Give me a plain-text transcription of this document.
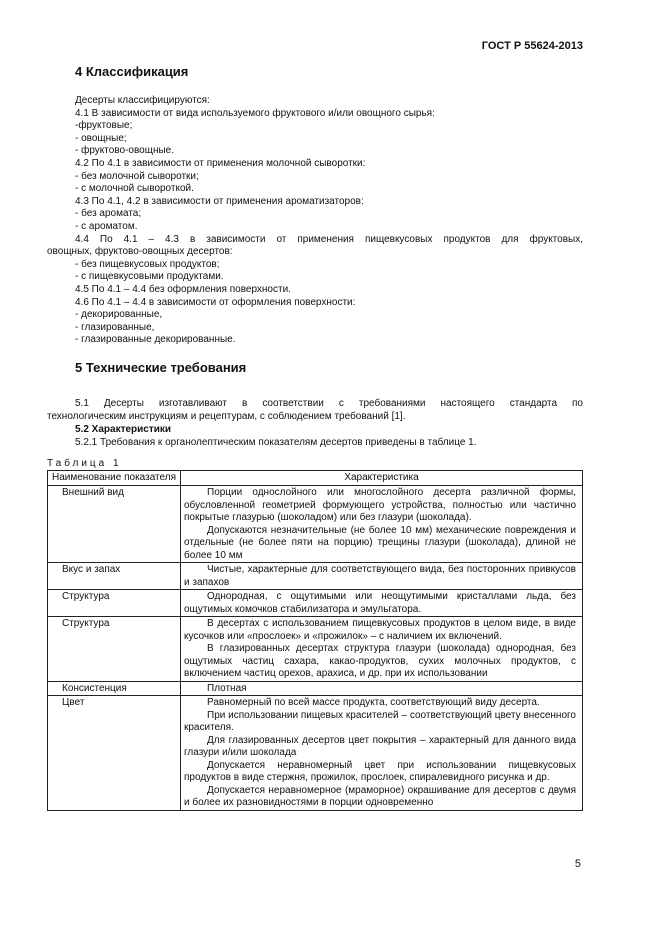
ГОСТ Р 55624-2013
4 Классификация

Десерты классифицируются:

4.1 В зависимости от вида используемого фруктового и/или овощного сырья:

-фруктовые;

- овощные;

- фруктово-овощные.

4.2 По 4.1 в зависимости от применения молочной сыворотки:

- без молочной сыворотки;

- с молочной сывороткой.

4.3 По 4.1, 4.2 в зависимости от применения ароматизаторов:

- без аромата;

- с ароматом.

4.4 По 4.1 – 4.3 в зависимости от применения пищевкусовых продуктов для фруктовых,

овощных, фруктово-овощных десертов:

- без пищевкусовых продуктов;

- с пищевкусовыми продуктами.

4.5 По 4.1 – 4.4 без оформления поверхности.

4.6 По 4.1 – 4.4 в зависимости от оформления поверхности:

- декорированные,

- глазированные,

- глазированные декорированные.

5 Технические требования

5.1 Десерты изготавливают в соответствии с требованиями настоящего стандарта по

технологическим инструкциям и рецептурам, с соблюдением требований [1].

5.2 Характеристики

5.2.1 Требования к органолептическим показателям десертов приведены в таблице 1.

Таблица 1
Наименование показателя	Характеристика
Внешний вид	Порции однослойного или многослойного десерта различной формы, обусловленной геометрией формующего устройства, полностью или частично покрытые глазурью (шоколадом) или без глазури (шоколада).

Допускаются незначительные (не более 10 мм) механические повреждения и отдельные (не более пяти на порцию) трещины глазури (шоколада), длиной не более 10 мм

Вкус и запах	Чистые, характерные для соответствующего вида, без посторонних привкусов и запахов

Структура	Однородная, с ощутимыми или неощутимыми кристаллами льда, без ощутимых комочков стабилизатора и эмульгатора.

Структура	В десертах с использованием пищевкусовых продуктов в целом виде, в виде кусочков или «прослоек» и «прожилок» – с наличием их включений.

В глазированных десертах структура глазури (шоколада) однородная, без ощутимых частиц сахара, какао-продуктов, сухих молочных продуктов, с включением частиц орехов, арахиса, и др. при их использовании

Консистенция	Плотная

Цвет	Равномерный по всей массе продукта, соответствующий виду десерта.

При использовании пищевых красителей – соответствующий цвету внесенного красителя.

Для глазированных десертов цвет покрытия – характерный для данного вида глазури и/или шоколада

Допускается неравномерный цвет при использовании пищевкусовых продуктов в виде стержня, прожилок, прослоек, спиралевидного рисунка и др.

Допускается неравномерное (мраморное) окрашивание для десертов с двумя и более их разновидностями в порции одновременно

5
